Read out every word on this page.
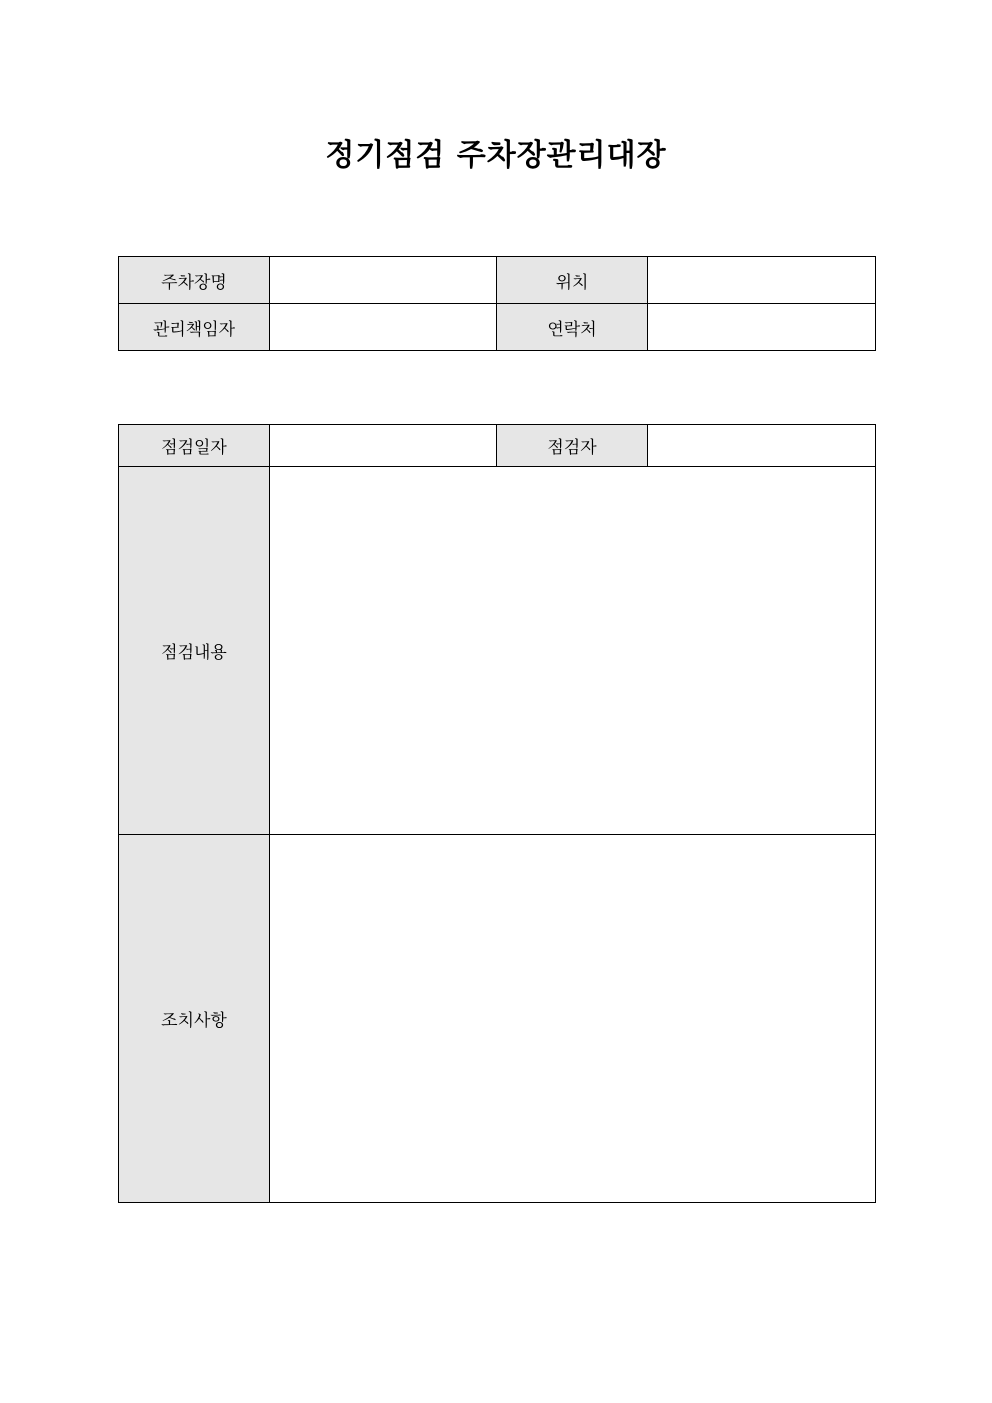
정기점검 주차장관리대장
주차장명		위치	
관리책임자		연락처	
점검일자		점검자	
점검내용			
조치사항			
